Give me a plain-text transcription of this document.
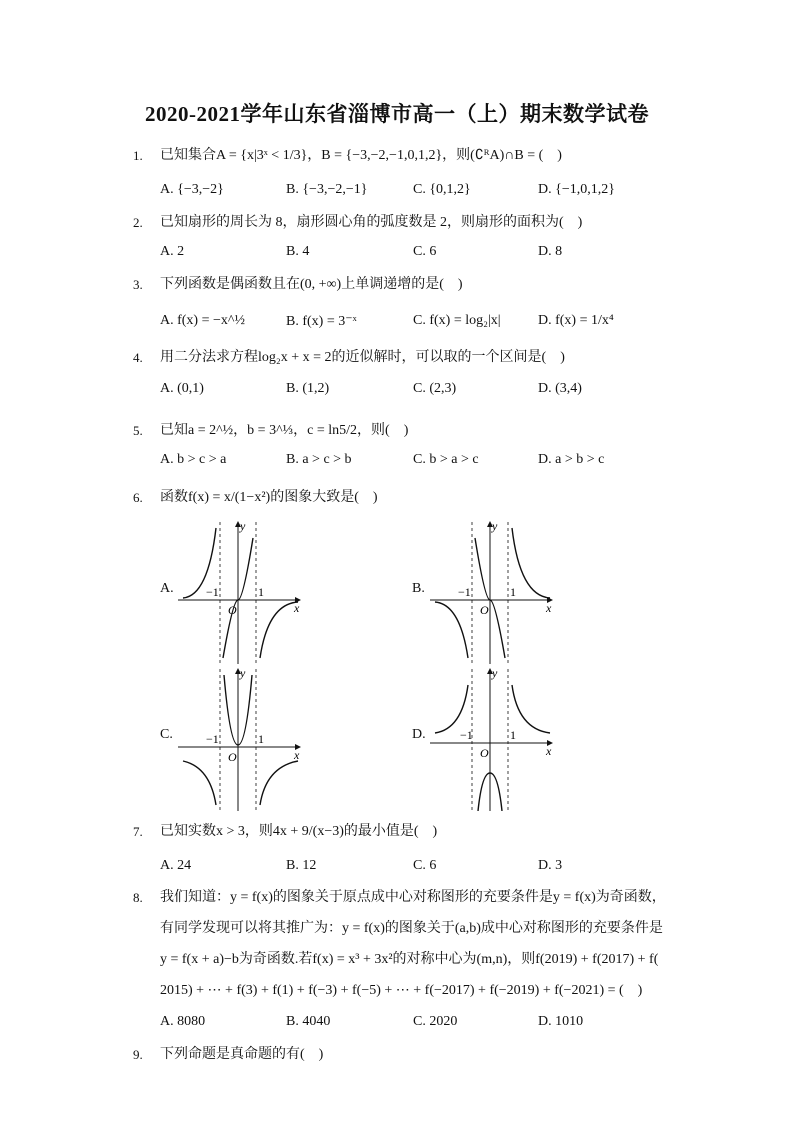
2020-2021学年山东省淄博市高一（上）期末数学试卷
1. 已知集合A = {x|3ˣ < 1/3}，B = {−3,−2,−1,0,1,2}，则(∁ᴿA)∩B = (　)
A. {−3,−2}	B. {−3,−2,−1}	C. {0,1,2}	D. {−1,0,1,2}
2. 已知扇形的周长为 8，扇形圆心角的弧度数是 2，则扇形的面积为(　)
A. 2	B. 4	C. 6	D. 8
3. 下列函数是偶函数且在(0, +∞)上单调递增的是(　)
A. f(x) = −x^½	B. f(x) = 3⁻ˣ	C. f(x) = log₂|x|	D. f(x) = 1/x⁴
4. 用二分法求方程log₂x + x = 2的近似解时，可以取的一个区间是(　)
A. (0,1)	B. (1,2)	C. (2,3)	D. (3,4)
5. 已知a = 2^½，b = 3^⅓，c = ln5/2，则(　)
A. b > c > a	B. a > c > b	C. b > a > c	D. a > b > c
6. 函数f(x) = x/(1−x²)的图象大致是(　)
A.	B.
C.	D.
y
x
O
−1	1
y
x
O
−1	1
y
x
O
−1	1
y
x
O
−1	1
7. 已知实数x > 3，则4x + 9/(x−3)的最小值是(　)
A. 24	B. 12	C. 6	D. 3
8. 我们知道：y = f(x)的图象关于原点成中心对称图形的充要条件是y = f(x)为奇函数，
有同学发现可以将其推广为：y = f(x)的图象关于(a,b)成中心对称图形的充要条件是
y = f(x + a)−b为奇函数.若f(x) = x³ + 3x²的对称中心为(m,n)，则f(2019) + f(2017) + f(
2015) + ⋯ + f(3) + f(1) + f(−3) + f(−5) + ⋯ + f(−2017) + f(−2019) + f(−2021) = (　)
A. 8080	B. 4040	C. 2020	D. 1010
9. 下列命题是真命题的有(　)
